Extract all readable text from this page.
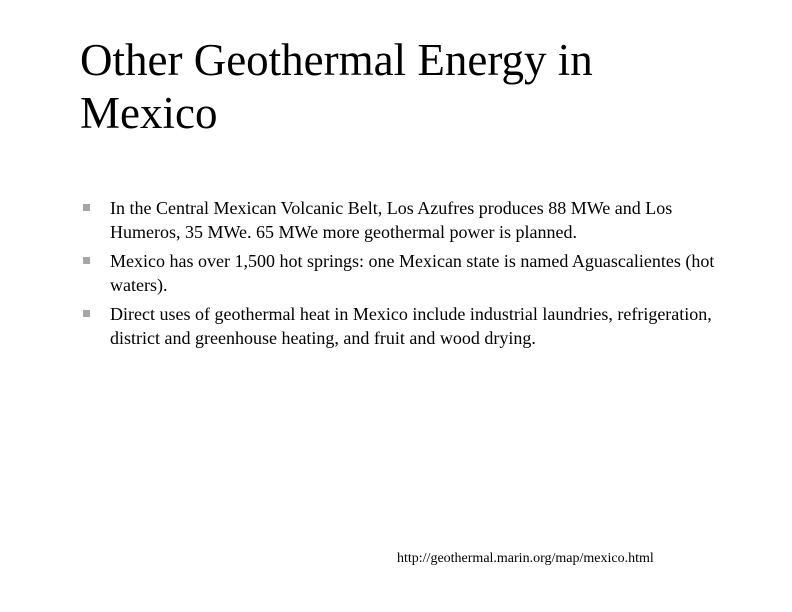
Other Geothermal Energy in Mexico
In the Central Mexican Volcanic Belt, Los Azufres produces 88 MWe and Los Humeros, 35 MWe. 65 MWe more geothermal power is planned.
Mexico has over 1,500 hot springs: one Mexican state is named Aguascalientes (hot waters).
Direct uses of geothermal heat in Mexico include industrial laundries, refrigeration, district and greenhouse heating, and fruit and wood drying.
http://geothermal.marin.org/map/mexico.html
